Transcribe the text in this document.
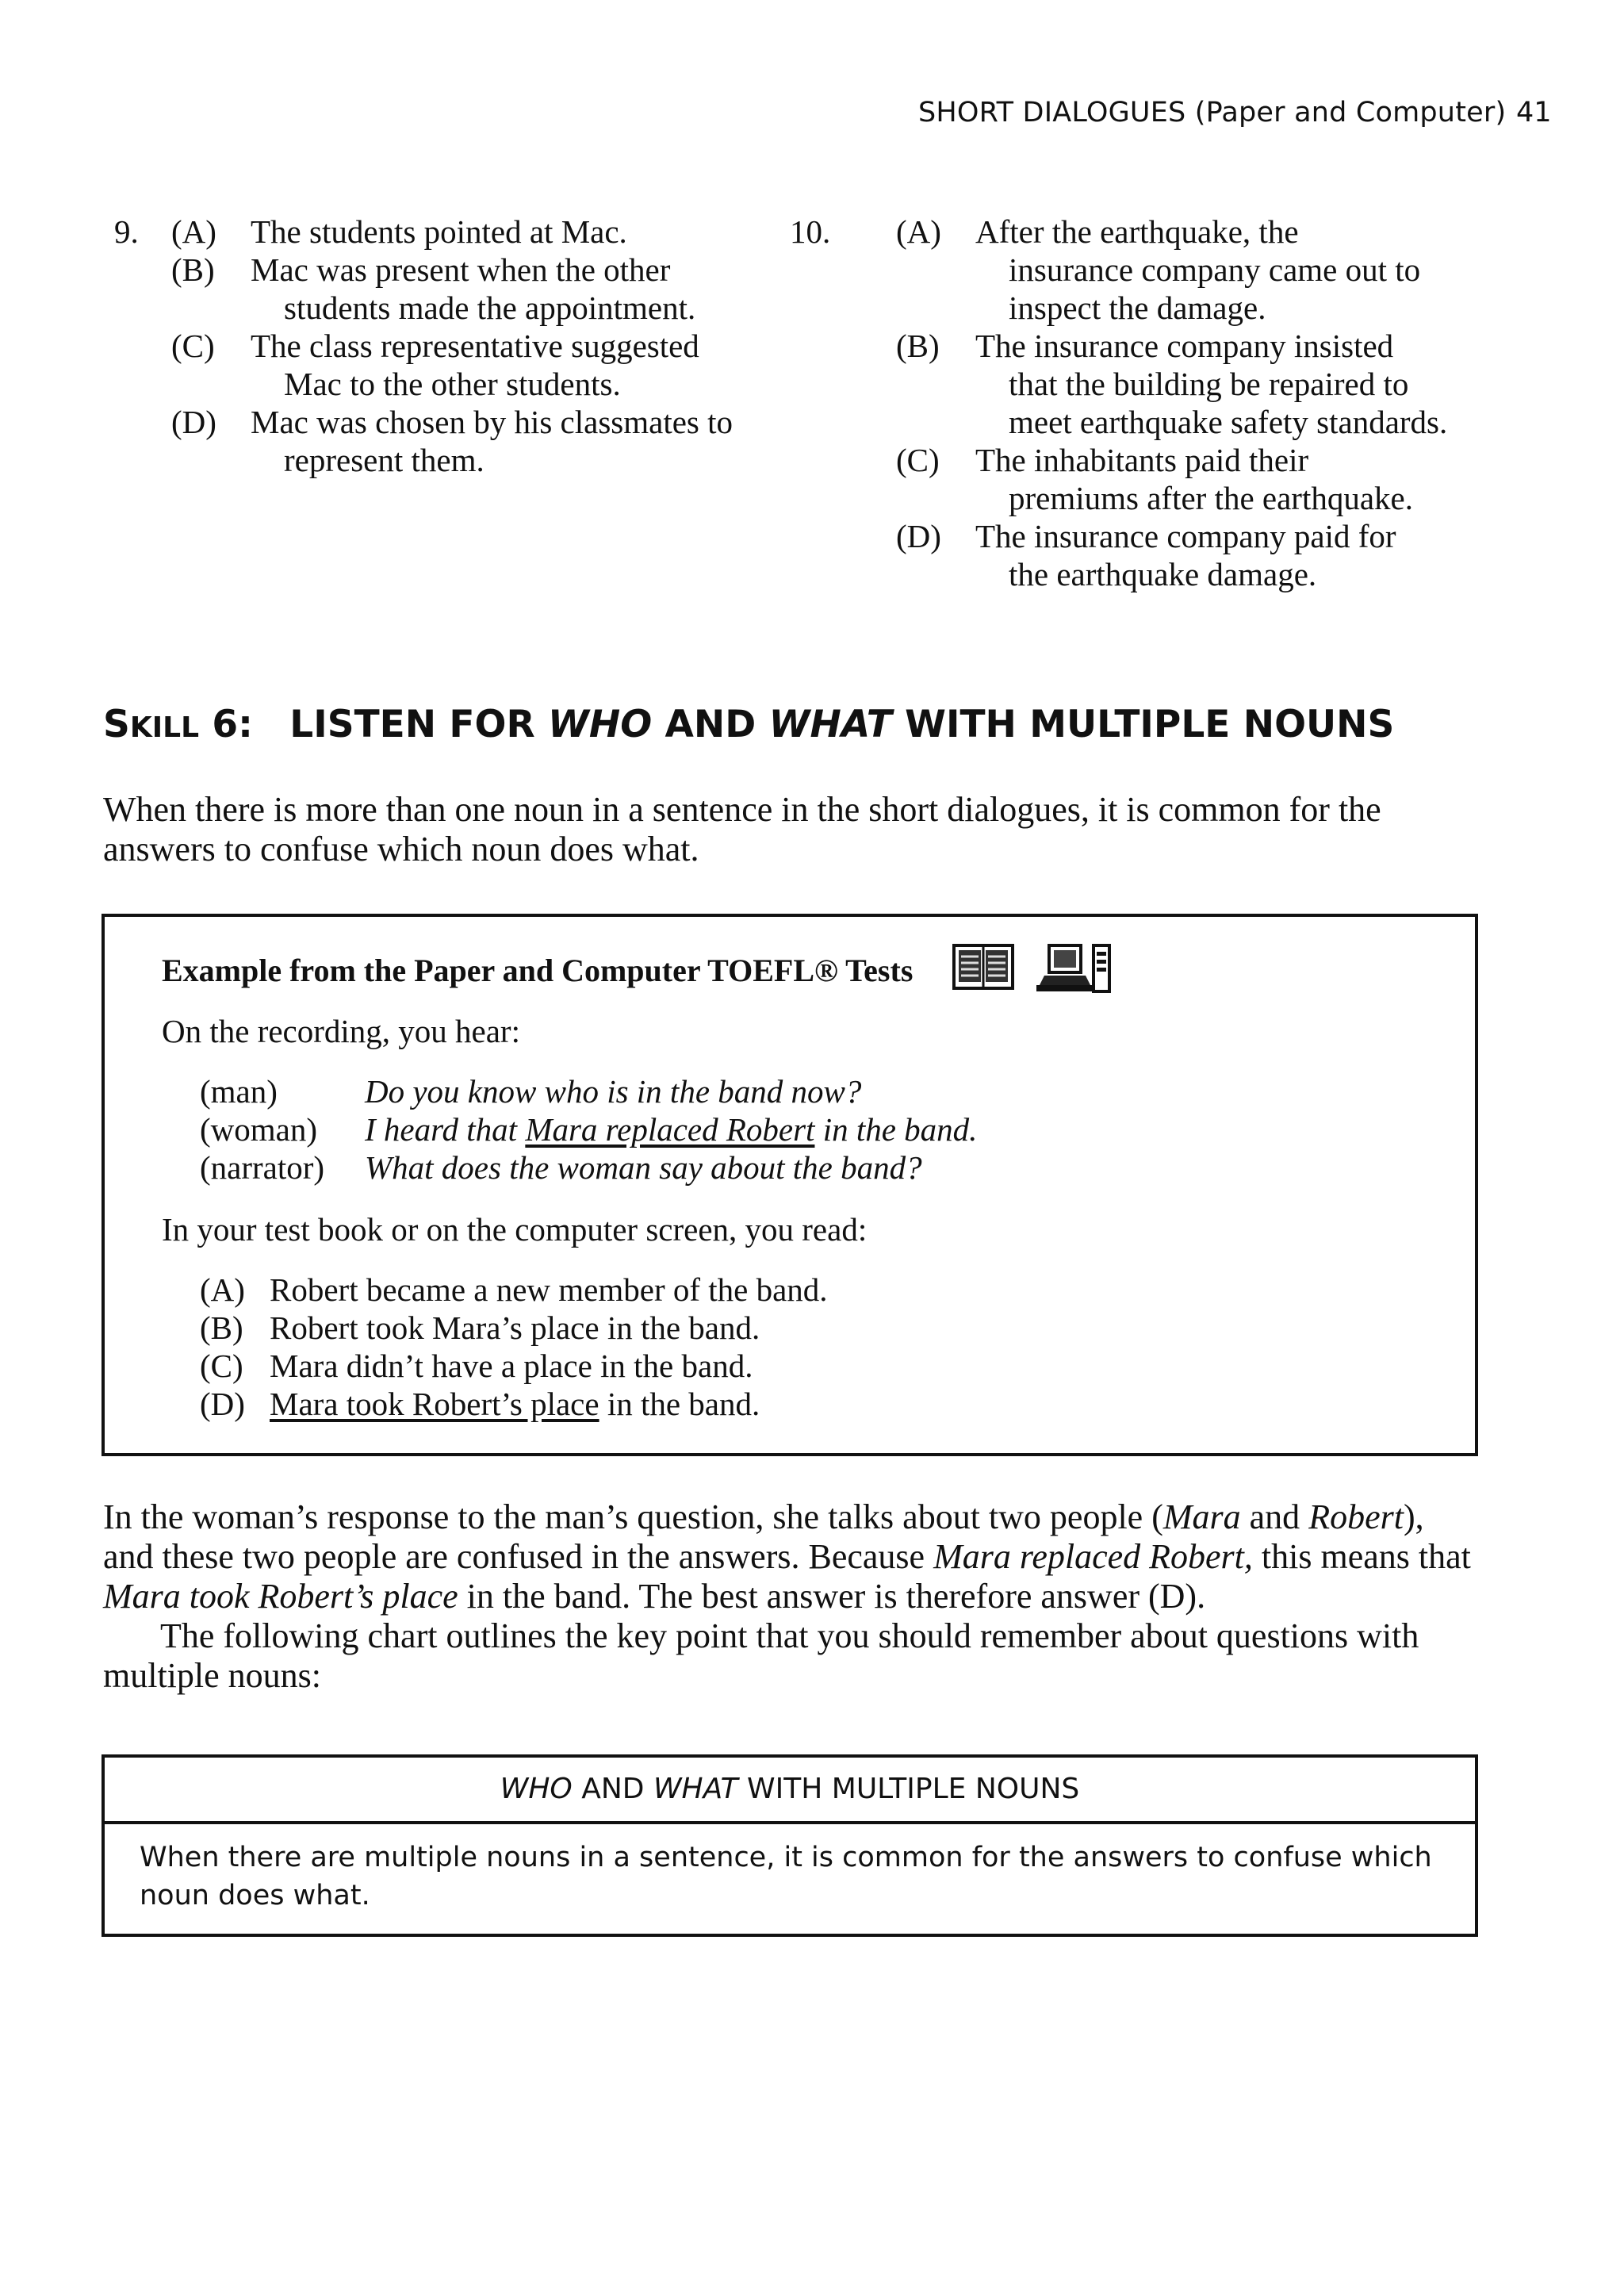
SHORT DIALOGUES (Paper and Computer) 41
9. (A) The students pointed at Mac.
(B) Mac was present when the other
students made the appointment.
(C) The class representative suggested
Mac to the other students.
(D) Mac was chosen by his classmates to
represent them.
10. (A) After the earthquake, the
insurance company came out to
inspect the damage.
(B) The insurance company insisted
that the building be repaired to
meet earthquake safety standards.
(C) The inhabitants paid their
premiums after the earthquake.
(D) The insurance company paid for
the earthquake damage.
SKILL 6: LISTEN FOR WHO AND WHAT WITH MULTIPLE NOUNS
When there is more than one noun in a sentence in the short dialogues, it is common for the answers to confuse which noun does what.
Example from the Paper and Computer TOEFL® Tests
On the recording, you hear:
(man)	Do you know who is in the band now?
(woman) I heard that Mara replaced Robert in the band.
(narrator) What does the woman say about the band?
In your test book or on the computer screen, you read:
(A) Robert became a new member of the band.
(B) Robert took Mara’s place in the band.
(C) Mara didn’t have a place in the band.
(D) Mara took Robert’s place in the band.

In the woman’s response to the man’s question, she talks about two people (Mara and Robert), and these two people are confused in the answers. Because Mara replaced Robert, this means that Mara took Robert’s place in the band. The best answer is therefore answer (D).

The following chart outlines the key point that you should remember about questions with multiple nouns:

WHO AND WHAT WITH MULTIPLE NOUNS
When there are multiple nouns in a sentence, it is common for the answers to confuse which noun does what.
